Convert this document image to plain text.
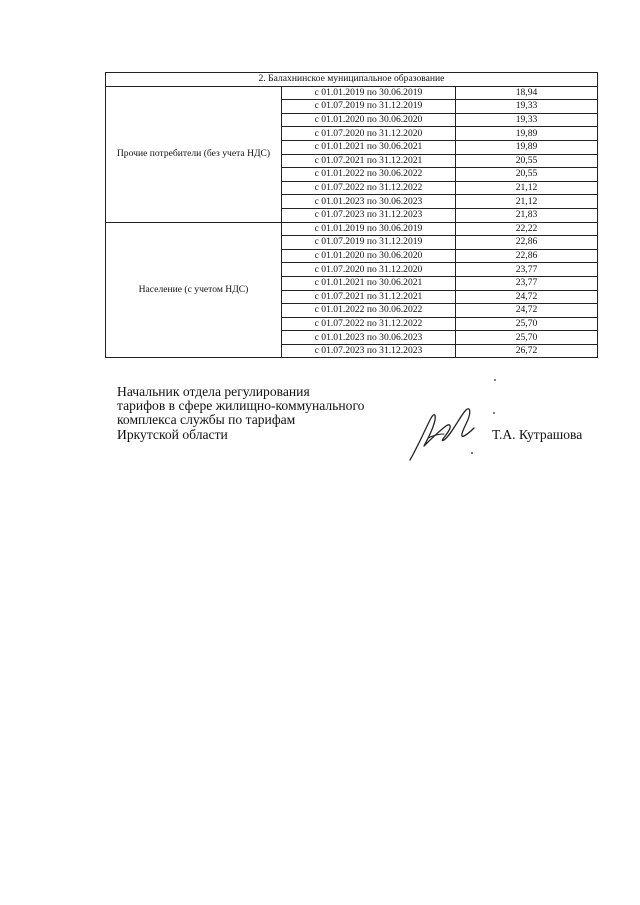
2. Балахнинское муниципальное образование		
Прочие потребители (без учета НДС)	с 01.01.2019 по 30.06.2019	18,94
	с 01.07.2019 по 31.12.2019	19,33
	с 01.01.2020 по 30.06.2020	19,33
	с 01.07.2020 по 31.12.2020	19,89
	с 01.01.2021 по 30.06.2021	19,89
	с 01.07.2021 по 31.12.2021	20,55
	с 01.01.2022 по 30.06.2022	20,55
	с 01.07.2022 по 31.12.2022	21,12
	с 01.01.2023 по 30.06.2023	21,12
	с 01.07.2023 по 31.12.2023	21,83
Население (с учетом НДС)	с 01.01.2019 по 30.06.2019	22,22
	с 01.07.2019 по 31.12.2019	22,86
	с 01.01.2020 по 30.06.2020	22,86
	с 01.07.2020 по 31.12.2020	23,77
	с 01.01.2021 по 30.06.2021	23,77
	с 01.07.2021 по 31.12.2021	24,72
	с 01.01.2022 по 30.06.2022	24,72
	с 01.07.2022 по 31.12.2022	25,70
	с 01.01.2023 по 30.06.2023	25,70
	с 01.07.2023 по 31.12.2023	26,72
Начальник отдела регулирования
тарифов в сфере жилищно-коммунального
комплекса службы по тарифам
Иркутской области	Т.А. Кутрашова
